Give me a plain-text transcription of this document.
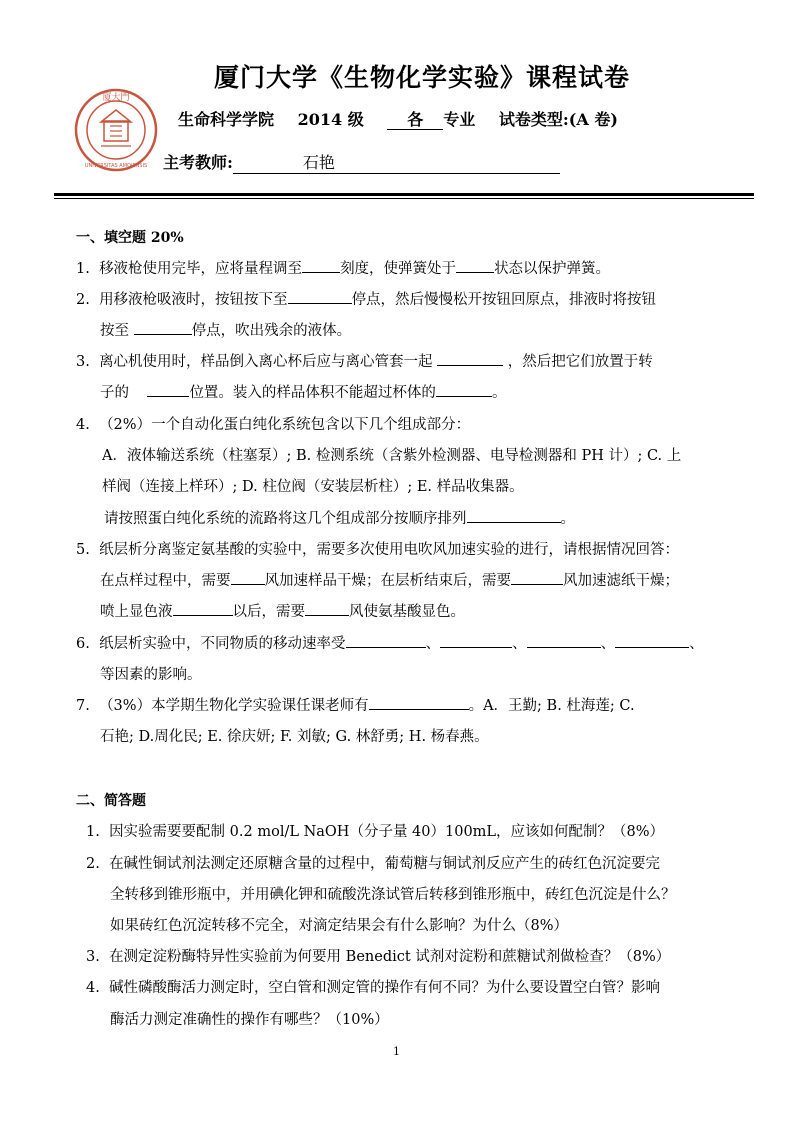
厦门大学《生物化学实验》课程试卷
厦大門
UNIVERSITAS AMOIENSIS
生命科学学院 2014 级	各 专业 试卷类型:(A 卷)
主考教师:	石艳
一、填空题 20%
1. 移液枪使用完毕，应将量程调至	刻度，使弹簧处于	状态以保护弹簧。
2. 用移液枪吸液时，按钮按下至	停点，然后慢慢松开按钮回原点，排液时将按钮
按至	停点，吹出残余的液体。
3. 离心机使用时，样品倒入离心杯后应与离心管套一起	，然后把它们放置于转
子的	位置。装入的样品体积不能超过杯体的	。
4. （2%）一个自动化蛋白纯化系统包含以下几个组成部分：
A．液体输送系统（柱塞泵）; B. 检测系统（含紫外检测器、电导检测器和 PH 计）; C. 上
样阀（连接上样环）; D. 柱位阀（安装层析柱）; E. 样品收集器。
请按照蛋白纯化系统的流路将这几个组成部分按顺序排列	。
5. 纸层析分离鉴定氨基酸的实验中，需要多次使用电吹风加速实验的进行，请根据情况回答：
在点样过程中，需要 风加速样品干燥；在层析结束后，需要	风加速滤纸干燥；
喷上显色液	以后，需要	风使氨基酸显色。
6. 纸层析实验中，不同物质的移动速率受	、	、	、	、
等因素的影响。
7. （3%）本学期生物化学实验课任课老师有	。A．王勤; B. 杜海莲; C.
石艳; D.周化民; E. 徐庆妍; F. 刘敏; G. 林舒勇; H. 杨春燕。
二、简答题
1. 因实验需要要配制 0.2 mol/L NaOH（分子量 40）100mL，应该如何配制？（8%）
2. 在碱性铜试剂法测定还原糖含量的过程中，葡萄糖与铜试剂反应产生的砖红色沉淀要完
全转移到锥形瓶中，并用碘化钾和硫酸洗涤试管后转移到锥形瓶中，砖红色沉淀是什么？
如果砖红色沉淀转移不完全，对滴定结果会有什么影响？为什么（8%）
3. 在测定淀粉酶特异性实验前为何要用 Benedict 试剂对淀粉和蔗糖试剂做检查？（8%）
4. 碱性磷酸酶活力测定时，空白管和测定管的操作有何不同？为什么要设置空白管？影响
酶活力测定准确性的操作有哪些？（10%）
1
